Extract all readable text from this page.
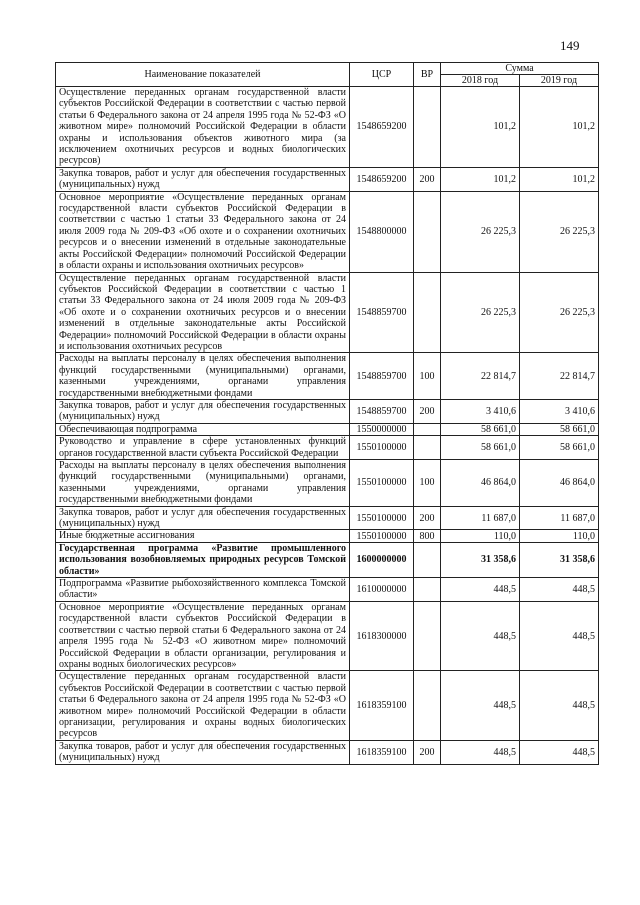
149
Наименование показателей	ЦСР	ВР	Сумма	
			2018 год	2019 год
Осуществление переданных органам государственной власти субъектов Российской Федерации в соответствии с частью первой статьи 6 Федерального закона от 24 апреля 1995 года № 52-ФЗ «О животном мире» полномочий Российской Федерации в области охраны и использования объектов животного мира (за исключением охотничьих ресурсов и водных биологических ресурсов)	1548659200		101,2	101,2
Закупка товаров, работ и услуг для обеспечения государственных (муниципальных) нужд	1548659200	200	101,2	101,2
Основное мероприятие «Осуществление переданных органам государственной власти субъектов Российской Федерации в соответствии с частью 1 статьи 33 Федерального закона от 24 июля 2009 года № 209-ФЗ «Об охоте и о сохранении охотничьих ресурсов и о внесении изменений в отдельные законодательные акты Российской Федерации» полномочий Российской Федерации в области охраны и использования охотничьих ресурсов»	1548800000		26 225,3	26 225,3
Осуществление переданных органам государственной власти субъектов Российской Федерации в соответствии с частью 1 статьи 33 Федерального закона от 24 июля 2009 года № 209-ФЗ «Об охоте и о сохранении охотничьих ресурсов и о внесении изменений в отдельные законодательные акты Российской Федерации» полномочий Российской Федерации в области охраны и использования охотничьих ресурсов	1548859700		26 225,3	26 225,3
Расходы на выплаты персоналу в целях обеспечения выполнения функций государственными (муниципальными) органами, казенными учреждениями, органами управления государственными внебюджетными фондами	1548859700	100	22 814,7	22 814,7
Закупка товаров, работ и услуг для обеспечения государственных (муниципальных) нужд	1548859700	200	3 410,6	3 410,6
Обеспечивающая подпрограмма	1550000000		58 661,0	58 661,0
Руководство и управление в сфере установленных функций органов государственной власти субъекта Российской Федерации	1550100000		58 661,0	58 661,0
Расходы на выплаты персоналу в целях обеспечения выполнения функций государственными (муниципальными) органами, казенными учреждениями, органами управления государственными внебюджетными фондами	1550100000	100	46 864,0	46 864,0
Закупка товаров, работ и услуг для обеспечения государственных (муниципальных) нужд	1550100000	200	11 687,0	11 687,0
Иные бюджетные ассигнования	1550100000	800	110,0	110,0
Государственная программа «Развитие промышленного использования возобновляемых природных ресурсов Томской области»	1600000000		31 358,6	31 358,6
Подпрограмма «Развитие рыбохозяйственного комплекса Томской области»	1610000000		448,5	448,5
Основное мероприятие «Осуществление переданных органам государственной власти субъектов Российской Федерации в соответствии с частью первой статьи 6 Федерального закона от 24 апреля 1995 года № 52-ФЗ «О животном мире» полномочий Российской Федерации в области организации, регулирования и охраны водных биологических ресурсов»	1618300000		448,5	448,5
Осуществление переданных органам государственной власти субъектов Российской Федерации в соответствии с частью первой статьи 6 Федерального закона от 24 апреля 1995 года № 52-ФЗ «О животном мире» полномочий Российской Федерации в области организации, регулирования и охраны водных биологических ресурсов	1618359100		448,5	448,5
Закупка товаров, работ и услуг для обеспечения государственных (муниципальных) нужд	1618359100	200	448,5	448,5
